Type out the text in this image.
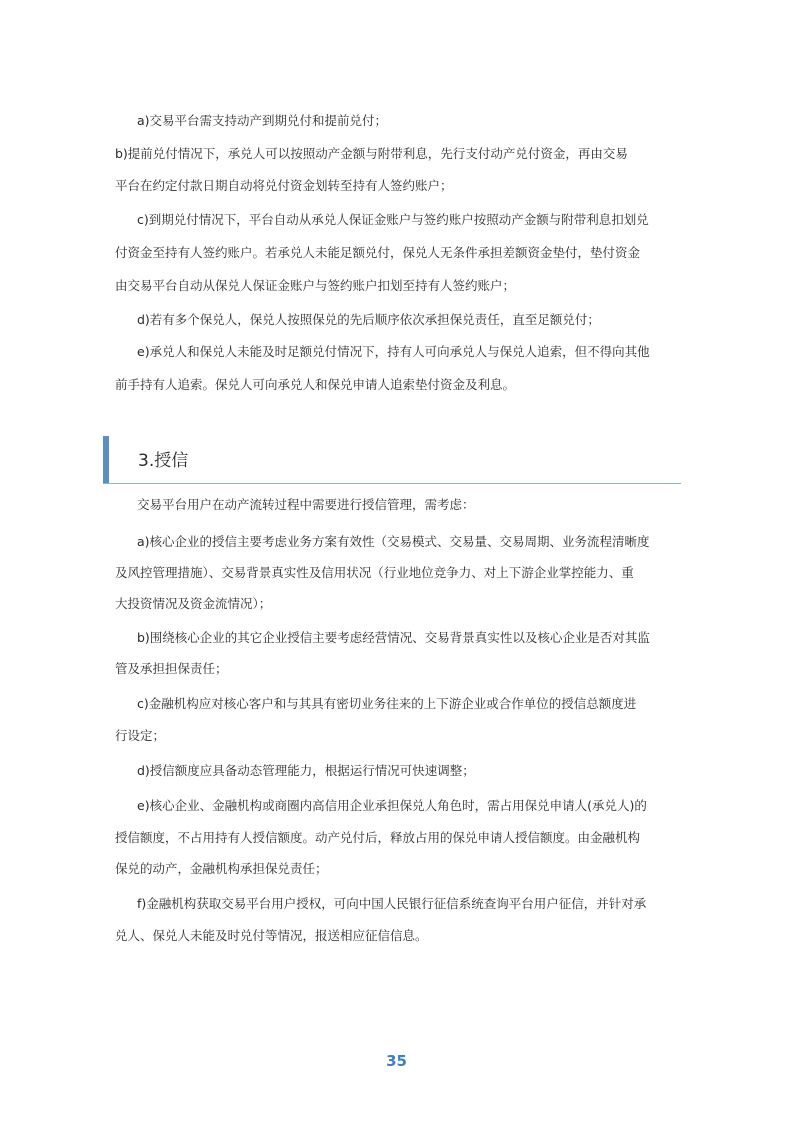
a)交易平台需支持动产到期兑付和提前兑付；
b)提前兑付情况下，承兑人可以按照动产金额与附带利息，先行支付动产兑付资金，再由交易
平台在约定付款日期自动将兑付资金划转至持有人签约账户；
c)到期兑付情况下，平台自动从承兑人保证金账户与签约账户按照动产金额与附带利息扣划兑
付资金至持有人签约账户。若承兑人未能足额兑付，保兑人无条件承担差额资金垫付，垫付资金
由交易平台自动从保兑人保证金账户与签约账户扣划至持有人签约账户；
d)若有多个保兑人，保兑人按照保兑的先后顺序依次承担保兑责任，直至足额兑付；
e)承兑人和保兑人未能及时足额兑付情况下，持有人可向承兑人与保兑人追索，但不得向其他
前手持有人追索。保兑人可向承兑人和保兑申请人追索垫付资金及利息。
3.授信
交易平台用户在动产流转过程中需要进行授信管理，需考虑：
a)核心企业的授信主要考虑业务方案有效性（交易模式、交易量、交易周期、业务流程清晰度
及风控管理措施）、交易背景真实性及信用状况（行业地位竞争力、对上下游企业掌控能力、重
大投资情况及资金流情况）；
b)围绕核心企业的其它企业授信主要考虑经营情况、交易背景真实性以及核心企业是否对其监
管及承担担保责任；
c)金融机构应对核心客户和与其具有密切业务往来的上下游企业或合作单位的授信总额度进
行设定；
d)授信额度应具备动态管理能力，根据运行情况可快速调整；
e)核心企业、金融机构或商圈内高信用企业承担保兑人角色时，需占用保兑申请人(承兑人)的
授信额度，不占用持有人授信额度。动产兑付后，释放占用的保兑申请人授信额度。由金融机构
保兑的动产，金融机构承担保兑责任；
f)金融机构获取交易平台用户授权，可向中国人民银行征信系统查询平台用户征信，并针对承
兑人、保兑人未能及时兑付等情况，报送相应征信信息。
35
